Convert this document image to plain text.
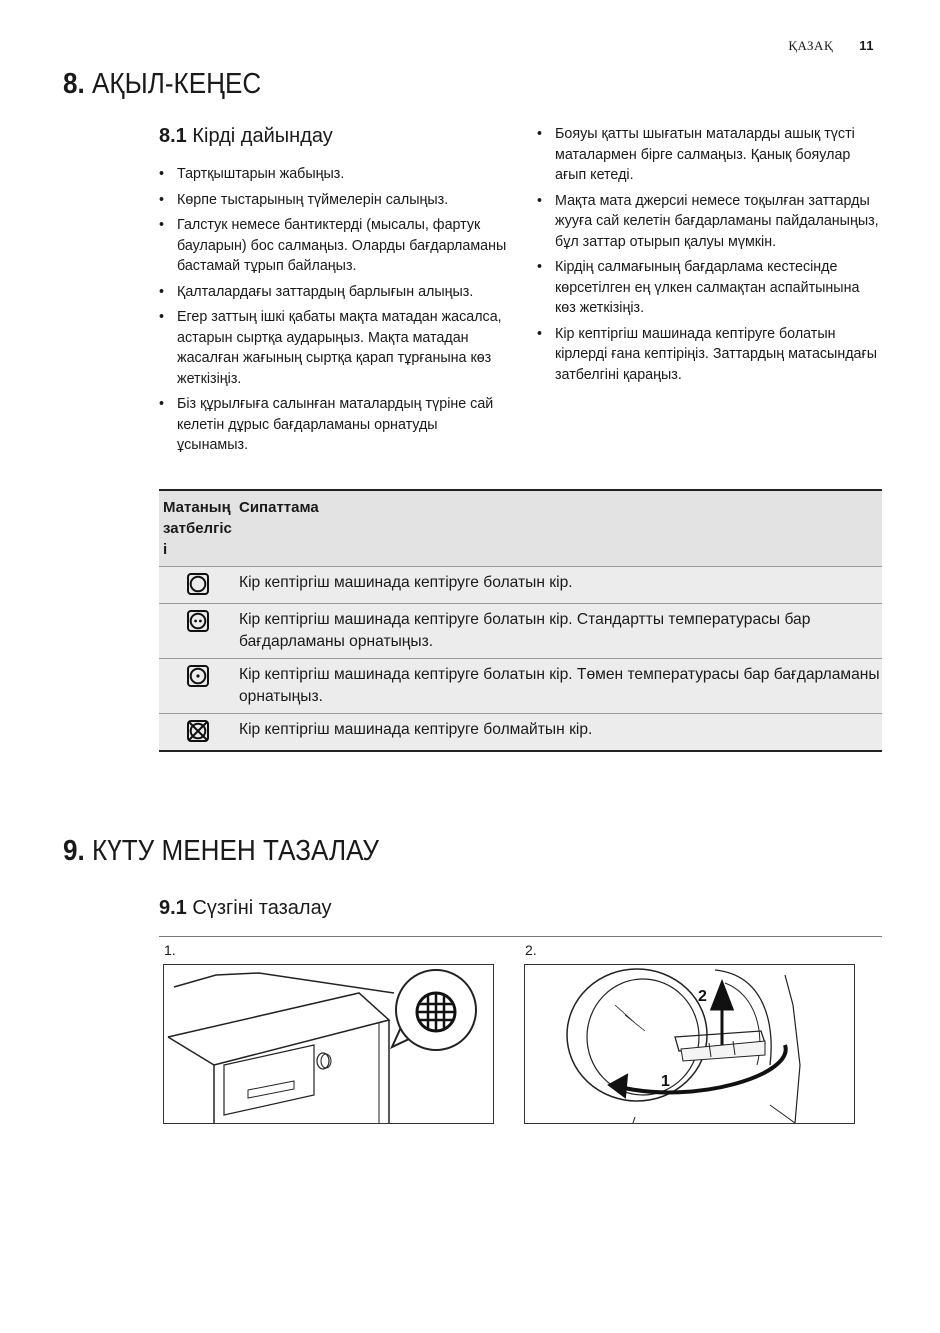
ҚАЗАҚ 11
8. АҚЫЛ-КЕҢЕС
8.1 Кірді дайындау
• Тартқыштарын жабыңыз.
• Көрпе тыстарының түймелерін салыңыз.
• Галстук немесе бантиктерді (мысалы, фартук бауларын) бос салмаңыз. Оларды бағдарламаны бастамай тұрып байлаңыз.
• Қалталардағы заттардың барлығын алыңыз.
• Егер заттың ішкі қабаты мақта матадан жасалса, астарын сыртқа аударыңыз. Мақта матадан жасалған жағының сыртқа қарап тұрғанына көз жеткізіңіз.
• Біз құрылғыға салынған маталардың түріне сай келетін дұрыс бағдарламаны орнатуды ұсынамыз.
• Бояуы қатты шығатын маталарды ашық түсті маталармен бірге салмаңыз. Қанық бояулар ағып кетеді.
• Мақта мата джерсиі немесе тоқылған заттарды жууға сай келетін бағдарламаны пайдаланыңыз, бұл заттар отырып қалуы мүмкін.
• Кірдің салмағының бағдарлама кестесінде көрсетілген ең үлкен салмақтан аспайтынына көз жеткізіңіз.
• Кір кептіргіш машинада кептіруге болатын кірлерді ғана кептіріңіз. Заттардың матасындағы затбелгіні қараңыз.
Матаның затбелгісі	Сипаттама
	Кір кептіргіш машинада кептіруге болатын кір.
	Кір кептіргіш машинада кептіруге болатын кір. Стандартты температурасы бар бағдарламаны орнатыңыз.
	Кір кептіргіш машинада кептіруге болатын кір. Төмен температурасы бар бағдарламаны орнатыңыз.
	Кір кептіргіш машинада кептіруге болмайтын кір.
9. КҮТУ МЕНЕН ТАЗАЛАУ
9.1 Сүзгіні тазалау
1.	2.
2
1
